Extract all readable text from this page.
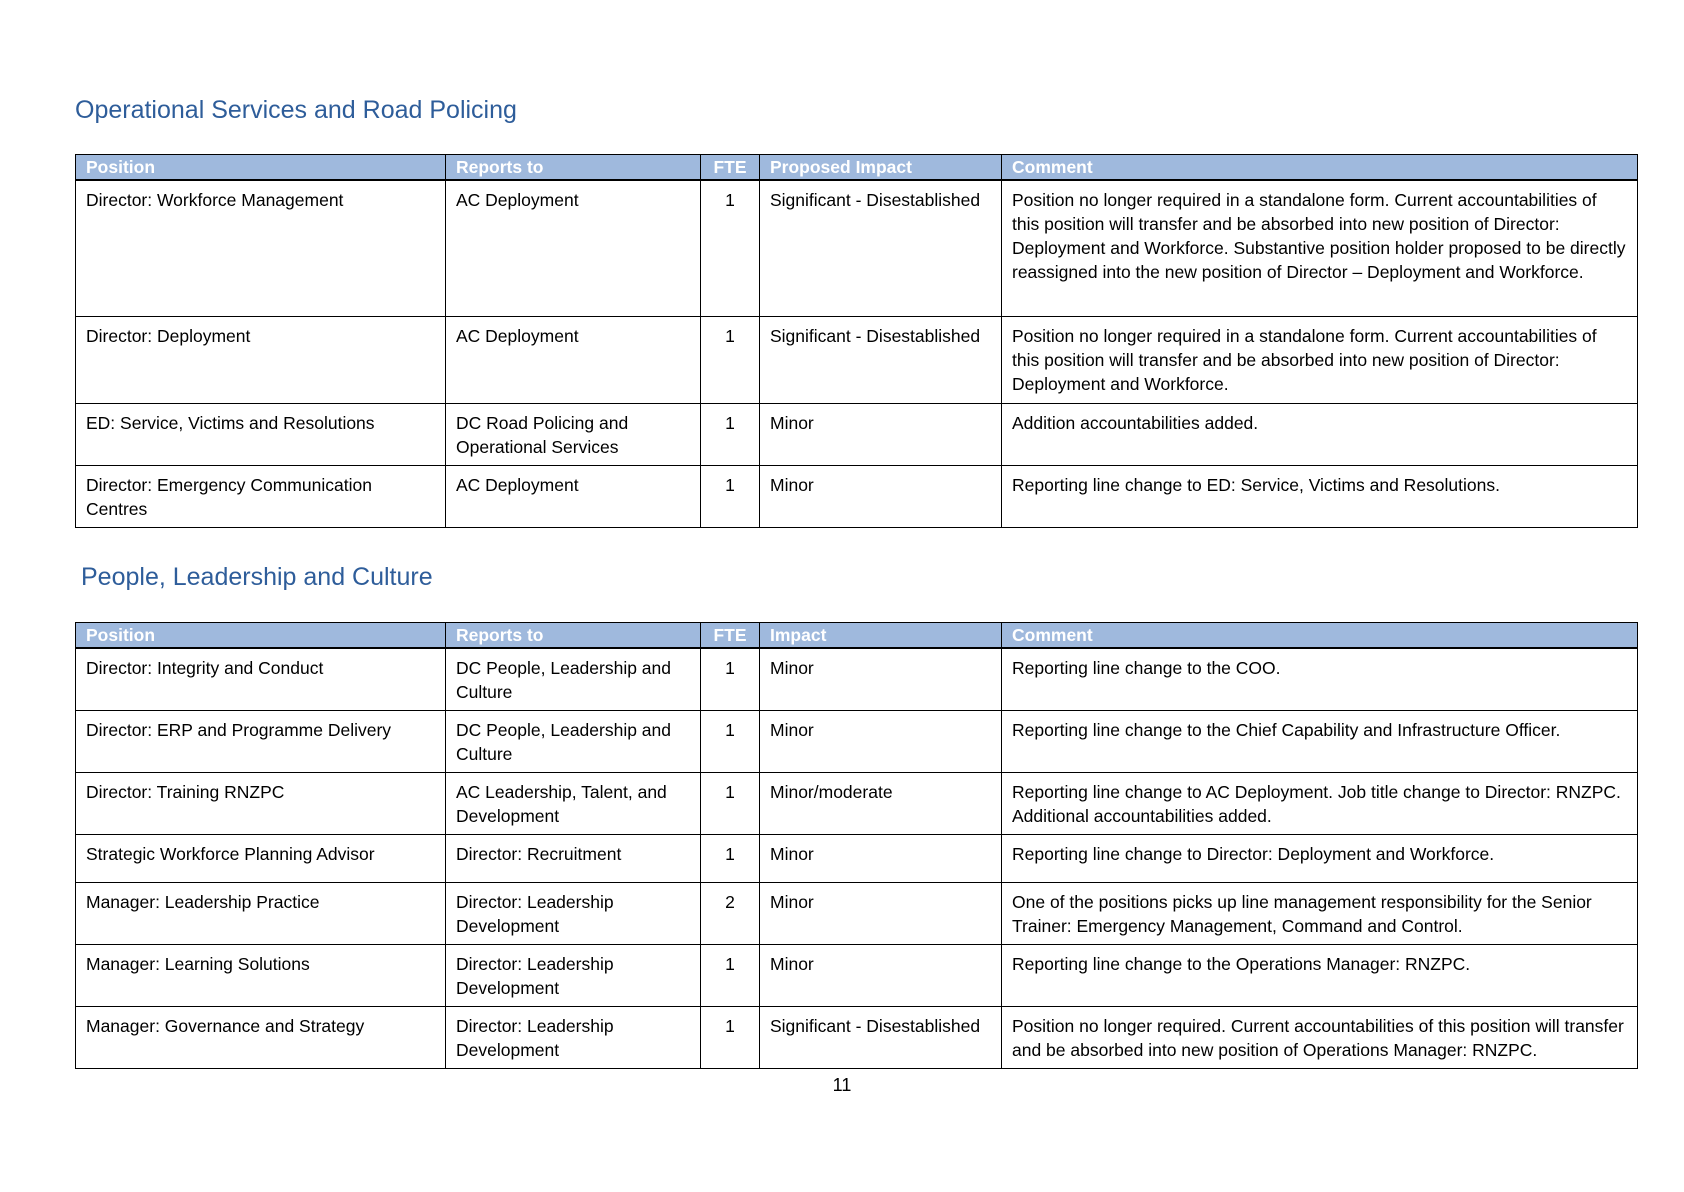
Operational Services and Road Policing
Position	Reports to	FTE	Proposed Impact	Comment
Director: Workforce Management	AC Deployment	1	Significant - Disestablished	Position no longer required in a standalone form. Current accountabilities of this position will transfer and be absorbed into new position of Director: Deployment and Workforce. Substantive position holder proposed to be directly reassigned into the new position of Director – Deployment and Workforce.
Director: Deployment	AC Deployment	1	Significant - Disestablished	Position no longer required in a standalone form. Current accountabilities of this position will transfer and be absorbed into new position of Director: Deployment and Workforce.
ED: Service, Victims and Resolutions	DC Road Policing and Operational Services	1	Minor	Addition accountabilities added.
Director: Emergency Communication Centres	AC Deployment	1	Minor	Reporting line change to ED: Service, Victims and Resolutions.
People, Leadership and Culture
Position	Reports to	FTE	Impact	Comment
Director: Integrity and Conduct	DC People, Leadership and Culture	1	Minor	Reporting line change to the COO.
Director: ERP and Programme Delivery	DC People, Leadership and Culture	1	Minor	Reporting line change to the Chief Capability and Infrastructure Officer.
Director: Training RNZPC	AC Leadership, Talent, and Development	1	Minor/moderate	Reporting line change to AC Deployment. Job title change to Director: RNZPC. Additional accountabilities added.
Strategic Workforce Planning Advisor	Director: Recruitment	1	Minor	Reporting line change to Director: Deployment and Workforce.
Manager: Leadership Practice	Director: Leadership Development	2	Minor	One of the positions picks up line management responsibility for the Senior Trainer: Emergency Management, Command and Control.
Manager: Learning Solutions	Director: Leadership Development	1	Minor	Reporting line change to the Operations Manager: RNZPC.
Manager: Governance and Strategy	Director: Leadership Development	1	Significant - Disestablished	Position no longer required. Current accountabilities of this position will transfer and be absorbed into new position of Operations Manager: RNZPC.
11
